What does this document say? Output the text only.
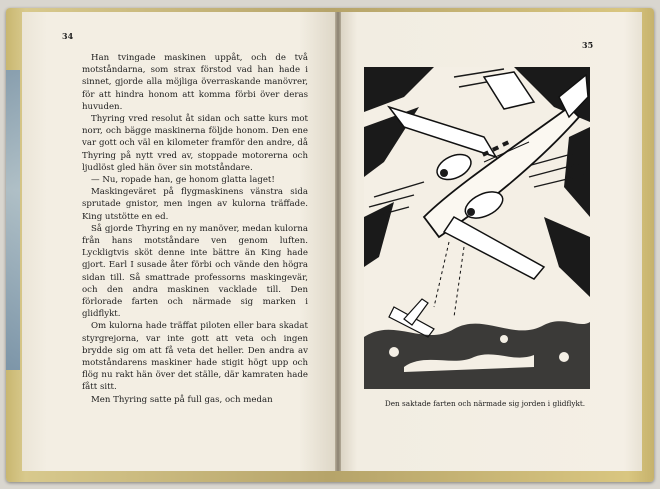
34
35

Han tvingade maskinen uppåt, och de två motståndarna, som strax förstod vad han hade i sinnet, gjorde alla möjliga överraskande manövrer, för att hindra honom att komma förbi över deras huvuden.

Thyring vred resolut åt sidan och satte kurs mot norr, och bägge maskinerna följde honom. Den ene var gott och väl en kilometer framför den andre, då Thyring på nytt vred av, stoppade motorerna och ljudlöst gled hän över sin motståndare.

— Nu, ropade han, ge honom glatta laget!

Maskingeväret på flygmaskinens vänstra sida sprutade gnistor, men ingen av kulorna träffade. King utstötte en ed.

Så gjorde Thyring en ny manöver, medan kulorna från hans motståndare ven genom luften. Lyckligtvis sköt denne inte bättre än King hade gjort. Earl I susade åter förbi och vände den högra sidan till. Så smattrade professorns maskingevär, och den andra maskinen vacklade till. Den förlorade farten och närmade sig marken i glidflykt.

Om kulorna hade träffat piloten eller bara skadat styrgrejorna, var inte gott att veta och ingen brydde sig om att få veta det heller. Den andra av motståndarens maskiner hade stigit högt upp och flög nu rakt hän över det ställe, där kamraten hade fått sitt.

Men Thyring satte på full gas, och medan	Den saktade farten och närmade sig jorden i glidflykt.
